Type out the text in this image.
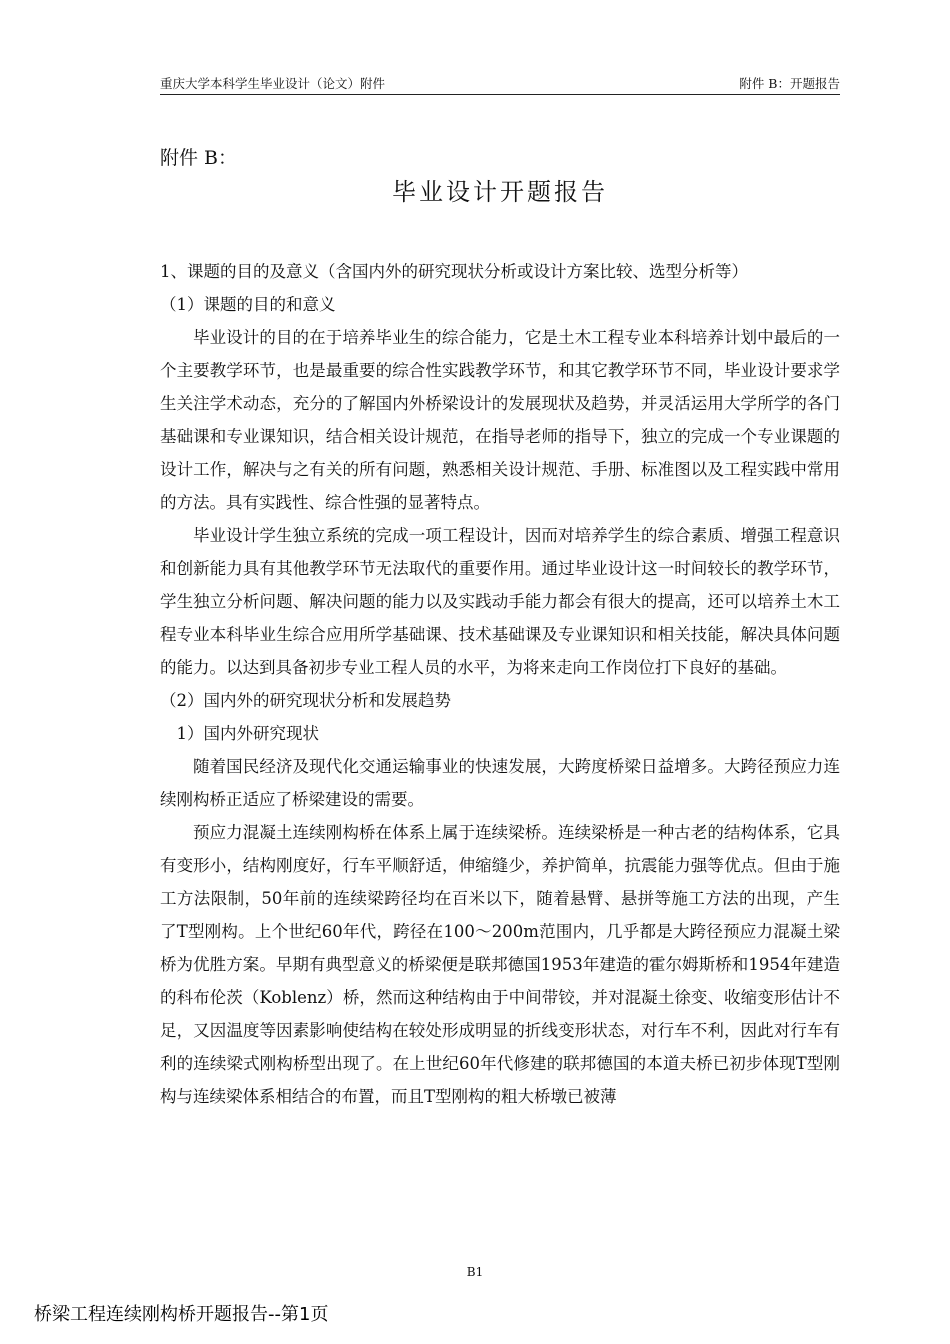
重庆大学本科学生毕业设计（论文）附件	附件 B：开题报告
附件 B：
毕业设计开题报告

1、课题的目的及意义（含国内外的研究现状分析或设计方案比较、选型分析等）

（1）课题的目的和意义

毕业设计的目的在于培养毕业生的综合能力，它是土木工程专业本科培养计划中最后的一个主要教学环节，也是最重要的综合性实践教学环节，和其它教学环节不同，毕业设计要求学生关注学术动态，充分的了解国内外桥梁设计的发展现状及趋势，并灵活运用大学所学的各门基础课和专业课知识，结合相关设计规范，在指导老师的指导下，独立的完成一个专业课题的设计工作，解决与之有关的所有问题，熟悉相关设计规范、手册、标准图以及工程实践中常用的方法。具有实践性、综合性强的显著特点。

毕业设计学生独立系统的完成一项工程设计，因而对培养学生的综合素质、增强工程意识和创新能力具有其他教学环节无法取代的重要作用。通过毕业设计这一时间较长的教学环节，学生独立分析问题、解决问题的能力以及实践动手能力都会有很大的提高，还可以培养土木工程专业本科毕业生综合应用所学基础课、技术基础课及专业课知识和相关技能，解决具体问题的能力。以达到具备初步专业工程人员的水平，为将来走向工作岗位打下良好的基础。

（2）国内外的研究现状分析和发展趋势

1）国内外研究现状

随着国民经济及现代化交通运输事业的快速发展，大跨度桥梁日益增多。大跨径预应力连续刚构桥正适应了桥梁建设的需要。

预应力混凝土连续刚构桥在体系上属于连续梁桥。连续梁桥是一种古老的结构体系，它具有变形小，结构刚度好，行车平顺舒适，伸缩缝少，养护简单，抗震能力强等优点。但由于施工方法限制，50年前的连续梁跨径均在百米以下，随着悬臂、悬拼等施工方法的出现，产生了T型刚构。上个世纪60年代，跨径在100～200m范围内，几乎都是大跨径预应力混凝土梁桥为优胜方案。早期有典型意义的桥梁便是联邦德国1953年建造的霍尔姆斯桥和1954年建造的科布伦茨（Koblenz）桥，然而这种结构由于中间带铰，并对混凝土徐变、收缩变形估计不足，又因温度等因素影响使结构在较处形成明显的折线变形状态，对行车不利，因此对行车有利的连续梁式刚构桥型出现了。在上世纪60年代修建的联邦德国的本道夫桥已初步体现T型刚构与连续梁体系相结合的布置，而且T型刚构的粗大桥墩已被薄

B1
桥梁工程连续刚构桥开题报告--第1页
